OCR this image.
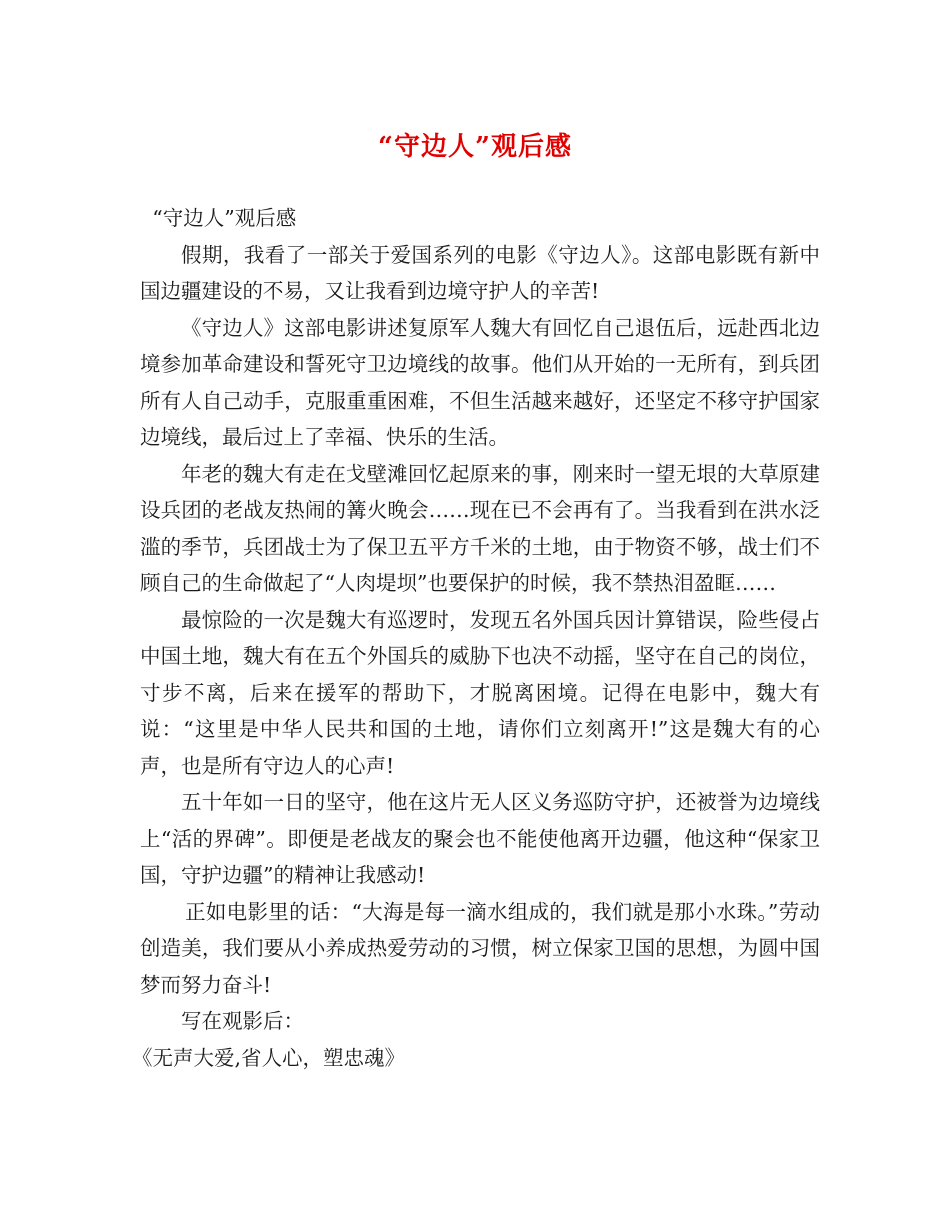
“守边人”观后感

“守边人”观后感

假期，我看了一部关于爱国系列的电影《守边人》。这部电影既有新中国边疆建设的不易，又让我看到边境守护人的辛苦!

《守边人》这部电影讲述复原军人魏大有回忆自己退伍后，远赴西北边境参加革命建设和誓死守卫边境线的故事。他们从开始的一无所有，到兵团所有人自己动手，克服重重困难，不但生活越来越好，还坚定不移守护国家边境线，最后过上了幸福、快乐的生活。

年老的魏大有走在戈壁滩回忆起原来的事，刚来时一望无垠的大草原建设兵团的老战友热闹的篝火晚会……现在已不会再有了。当我看到在洪水泛滥的季节，兵团战士为了保卫五平方千米的土地，由于物资不够，战士们不顾自己的生命做起了“人肉堤坝”也要保护的时候，我不禁热泪盈眶……

最惊险的一次是魏大有巡逻时，发现五名外国兵因计算错误，险些侵占中国土地，魏大有在五个外国兵的威胁下也决不动摇，坚守在自己的岗位，寸步不离，后来在援军的帮助下，才脱离困境。记得在电影中，魏大有说：“这里是中华人民共和国的土地，请你们立刻离开!”这是魏大有的心声，也是所有守边人的心声!

五十年如一日的坚守，他在这片无人区义务巡防守护，还被誉为边境线上“活的界碑”。即便是老战友的聚会也不能使他离开边疆，他这种“保家卫国，守护边疆”的精神让我感动!

正如电影里的话：“大海是每一滴水组成的，我们就是那小水珠。”劳动创造美，我们要从小养成热爱劳动的习惯，树立保家卫国的思想，为圆中国梦而努力奋斗!

写在观影后：

《无声大爱,省人心，塑忠魂》
